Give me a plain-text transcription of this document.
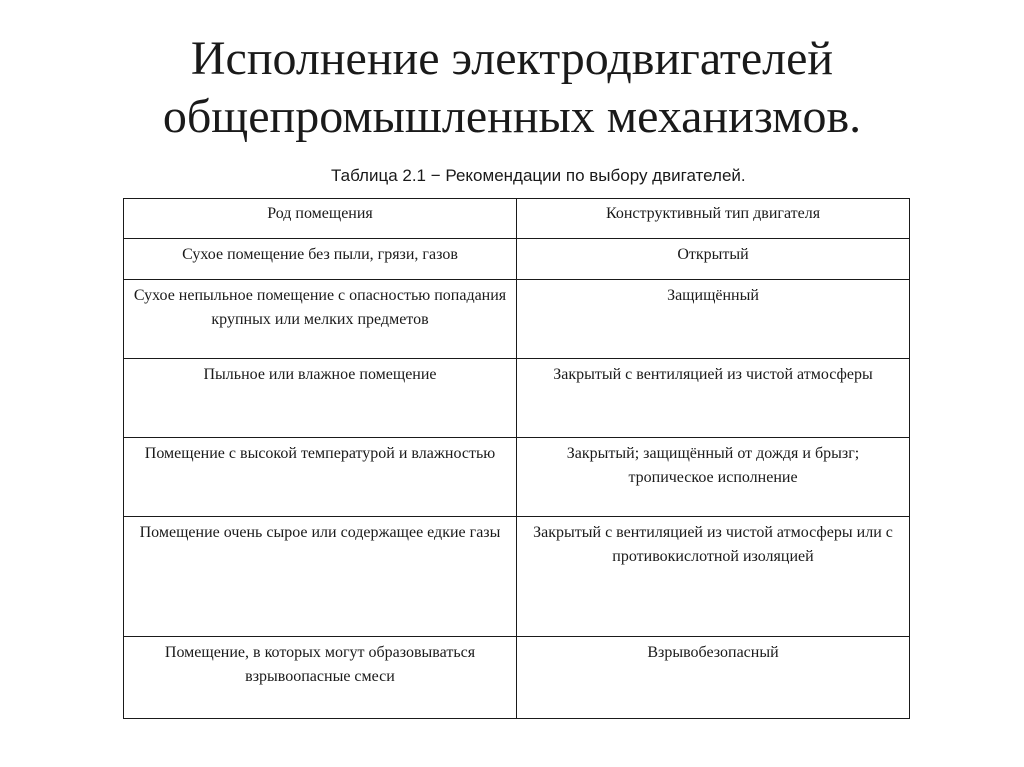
Исполнение электродвигателей
общепромышленных механизмов.
Таблица 2.1 − Рекомендации по выбору двигателей.
Род помещения	Конструктивный тип двигателя
Сухое помещение без пыли, грязи, газов	Открытый
Сухое непыльное помещение с опасностью попадания крупных или мелких предметов	Защищённый
Пыльное или влажное помещение	Закрытый с вентиляцией из чистой атмосферы
Помещение с высокой температурой и влажностью	Закрытый; защищённый от дождя и брызг; тропическое исполнение
Помещение очень сырое или содержащее едкие газы	Закрытый с вентиляцией из чистой атмосферы или с противокислотной изоляцией
Помещение, в которых могут образовываться взрывоопасные смеси	Взрывобезопасный
